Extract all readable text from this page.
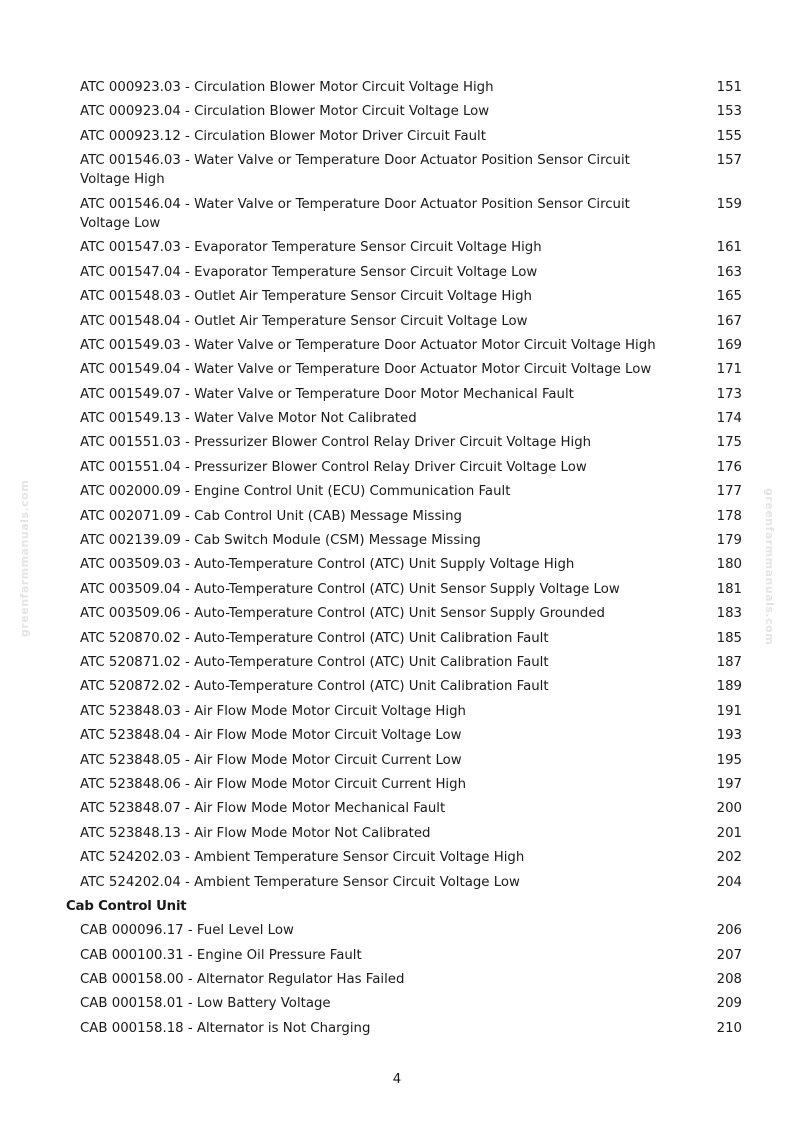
greenfarmmanuals.com	greenfarmmanuals.com
ATC 000923.03 - Circulation Blower Motor Circuit Voltage High	151
ATC 000923.04 - Circulation Blower Motor Circuit Voltage Low	153
ATC 000923.12 - Circulation Blower Motor Driver Circuit Fault	155
ATC 001546.03 - Water Valve or Temperature Door Actuator Position Sensor Circuit Voltage High
157
ATC 001546.04 - Water Valve or Temperature Door Actuator Position Sensor Circuit Voltage Low
159
ATC 001547.03 - Evaporator Temperature Sensor Circuit Voltage High	161
ATC 001547.04 - Evaporator Temperature Sensor Circuit Voltage Low	163
ATC 001548.03 - Outlet Air Temperature Sensor Circuit Voltage High	165
ATC 001548.04 - Outlet Air Temperature Sensor Circuit Voltage Low	167
ATC 001549.03 - Water Valve or Temperature Door Actuator Motor Circuit Voltage High	169
ATC 001549.04 - Water Valve or Temperature Door Actuator Motor Circuit Voltage Low	171
ATC 001549.07 - Water Valve or Temperature Door Motor Mechanical Fault	173
ATC 001549.13 - Water Valve Motor Not Calibrated	174
ATC 001551.03 - Pressurizer Blower Control Relay Driver Circuit Voltage High	175
ATC 001551.04 - Pressurizer Blower Control Relay Driver Circuit Voltage Low	176
ATC 002000.09 - Engine Control Unit (ECU) Communication Fault	177
ATC 002071.09 - Cab Control Unit (CAB) Message Missing	178
ATC 002139.09 - Cab Switch Module (CSM) Message Missing	179
ATC 003509.03 - Auto-Temperature Control (ATC) Unit Supply Voltage High	180
ATC 003509.04 - Auto-Temperature Control (ATC) Unit Sensor Supply Voltage Low	181
ATC 003509.06 - Auto-Temperature Control (ATC) Unit Sensor Supply Grounded	183
ATC 520870.02 - Auto-Temperature Control (ATC) Unit Calibration Fault	185
ATC 520871.02 - Auto-Temperature Control (ATC) Unit Calibration Fault	187
ATC 520872.02 - Auto-Temperature Control (ATC) Unit Calibration Fault	189
ATC 523848.03 - Air Flow Mode Motor Circuit Voltage High	191
ATC 523848.04 - Air Flow Mode Motor Circuit Voltage Low	193
ATC 523848.05 - Air Flow Mode Motor Circuit Current Low	195
ATC 523848.06 - Air Flow Mode Motor Circuit Current High	197
ATC 523848.07 - Air Flow Mode Motor Mechanical Fault	200
ATC 523848.13 - Air Flow Mode Motor Not Calibrated	201
ATC 524202.03 - Ambient Temperature Sensor Circuit Voltage High	202
ATC 524202.04 - Ambient Temperature Sensor Circuit Voltage Low	204
Cab Control Unit
CAB 000096.17 - Fuel Level Low	206
CAB 000100.31 - Engine Oil Pressure Fault	207
CAB 000158.00 - Alternator Regulator Has Failed	208
CAB 000158.01 - Low Battery Voltage	209
CAB 000158.18 - Alternator is Not Charging	210
4
